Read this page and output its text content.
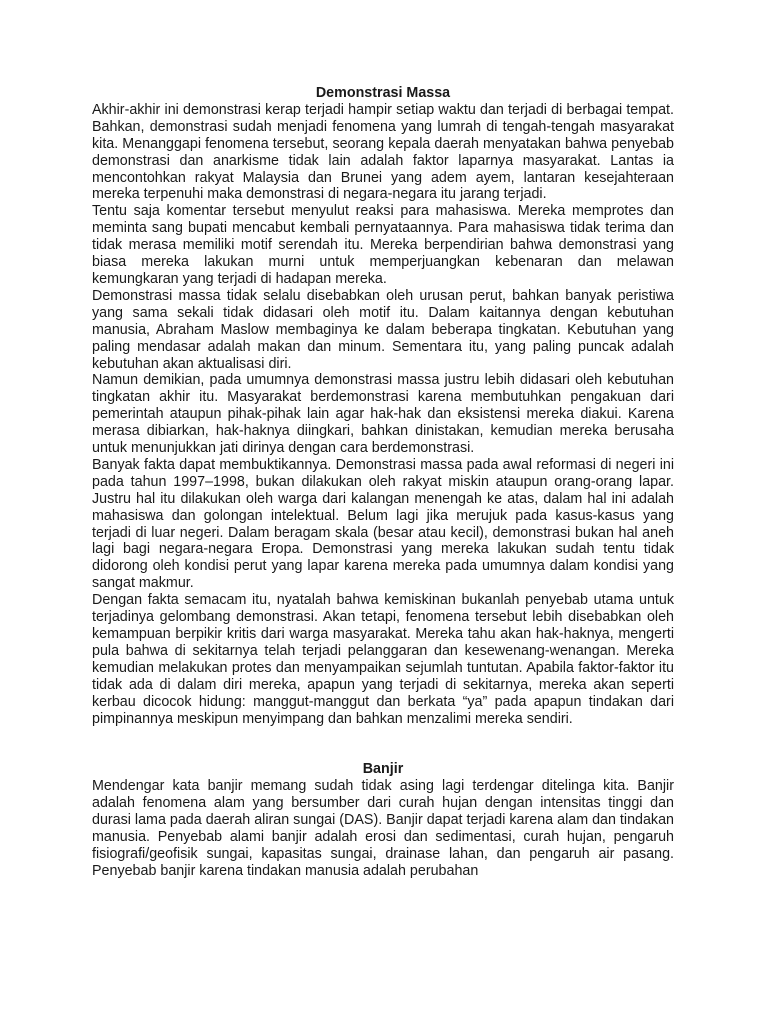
Demonstrasi Massa

Akhir-akhir ini demonstrasi kerap terjadi hampir setiap waktu dan terjadi di berbagai tempat. Bahkan, demonstrasi sudah menjadi fenomena yang lumrah di tengah-tengah masyarakat kita. Menanggapi fenomena tersebut, seorang kepala daerah menyatakan bahwa penyebab demonstrasi dan anarkisme tidak lain adalah faktor laparnya masyarakat. Lantas ia mencontohkan rakyat Malaysia dan Brunei yang adem ayem, lantaran kesejahteraan mereka terpenuhi maka demonstrasi di negara-negara itu jarang terjadi.

Tentu saja komentar tersebut menyulut reaksi para mahasiswa. Mereka memprotes dan meminta sang bupati mencabut kembali pernyataannya. Para mahasiswa tidak terima dan tidak merasa memiliki motif serendah itu. Mereka berpendirian bahwa demonstrasi yang biasa mereka lakukan murni untuk memperjuangkan kebenaran dan melawan kemungkaran yang terjadi di hadapan mereka.

Demonstrasi massa tidak selalu disebabkan oleh urusan perut, bahkan banyak peristiwa yang sama sekali tidak didasari oleh motif itu. Dalam kaitannya dengan kebutuhan manusia, Abraham Maslow membaginya ke dalam beberapa tingkatan. Kebutuhan yang paling mendasar adalah makan dan minum. Sementara itu, yang paling puncak adalah kebutuhan akan aktualisasi diri.

Namun demikian, pada umumnya demonstrasi massa justru lebih didasari oleh kebutuhan tingkatan akhir itu. Masyarakat berdemonstrasi karena membutuhkan pengakuan dari pemerintah ataupun pihak-pihak lain agar hak-hak dan eksistensi mereka diakui. Karena merasa dibiarkan, hak-haknya diingkari, bahkan dinistakan, kemudian mereka berusaha untuk menunjukkan jati dirinya dengan cara berdemonstrasi.

Banyak fakta dapat membuktikannya. Demonstrasi massa pada awal reformasi di negeri ini pada tahun 1997–1998, bukan dilakukan oleh rakyat miskin ataupun orang-orang lapar. Justru hal itu dilakukan oleh warga dari kalangan menengah ke atas, dalam hal ini adalah mahasiswa dan golongan intelektual. Belum lagi jika merujuk pada kasus-kasus yang terjadi di luar negeri. Dalam beragam skala (besar atau kecil), demonstrasi bukan hal aneh lagi bagi negara-negara Eropa. Demonstrasi yang mereka lakukan sudah tentu tidak didorong oleh kondisi perut yang lapar karena mereka pada umumnya dalam kondisi yang sangat makmur.

Dengan fakta semacam itu, nyatalah bahwa kemiskinan bukanlah penyebab utama untuk terjadinya gelombang demonstrasi. Akan tetapi, fenomena tersebut lebih disebabkan oleh kemampuan berpikir kritis dari warga masyarakat. Mereka tahu akan hak-haknya, mengerti pula bahwa di sekitarnya telah terjadi pelanggaran dan kesewenang-wenangan. Mereka kemudian melakukan protes dan menyampaikan sejumlah tuntutan. Apabila faktor-faktor itu tidak ada di dalam diri mereka, apapun yang terjadi di sekitarnya, mereka akan seperti kerbau dicocok hidung: manggut-manggut dan berkata “ya” pada apapun tindakan dari pimpinannya meskipun menyimpang dan bahkan menzalimi mereka sendiri.

Banjir

Mendengar kata banjir memang sudah tidak asing lagi terdengar ditelinga kita. Banjir adalah fenomena alam yang bersumber dari curah hujan dengan intensitas tinggi dan durasi lama pada daerah aliran sungai (DAS). Banjir dapat terjadi karena alam dan tindakan manusia. Penyebab alami banjir adalah erosi dan sedimentasi, curah hujan, pengaruh fisiografi/geofisik sungai, kapasitas sungai, drainase lahan, dan pengaruh air pasang. Penyebab banjir karena tindakan manusia adalah perubahan
